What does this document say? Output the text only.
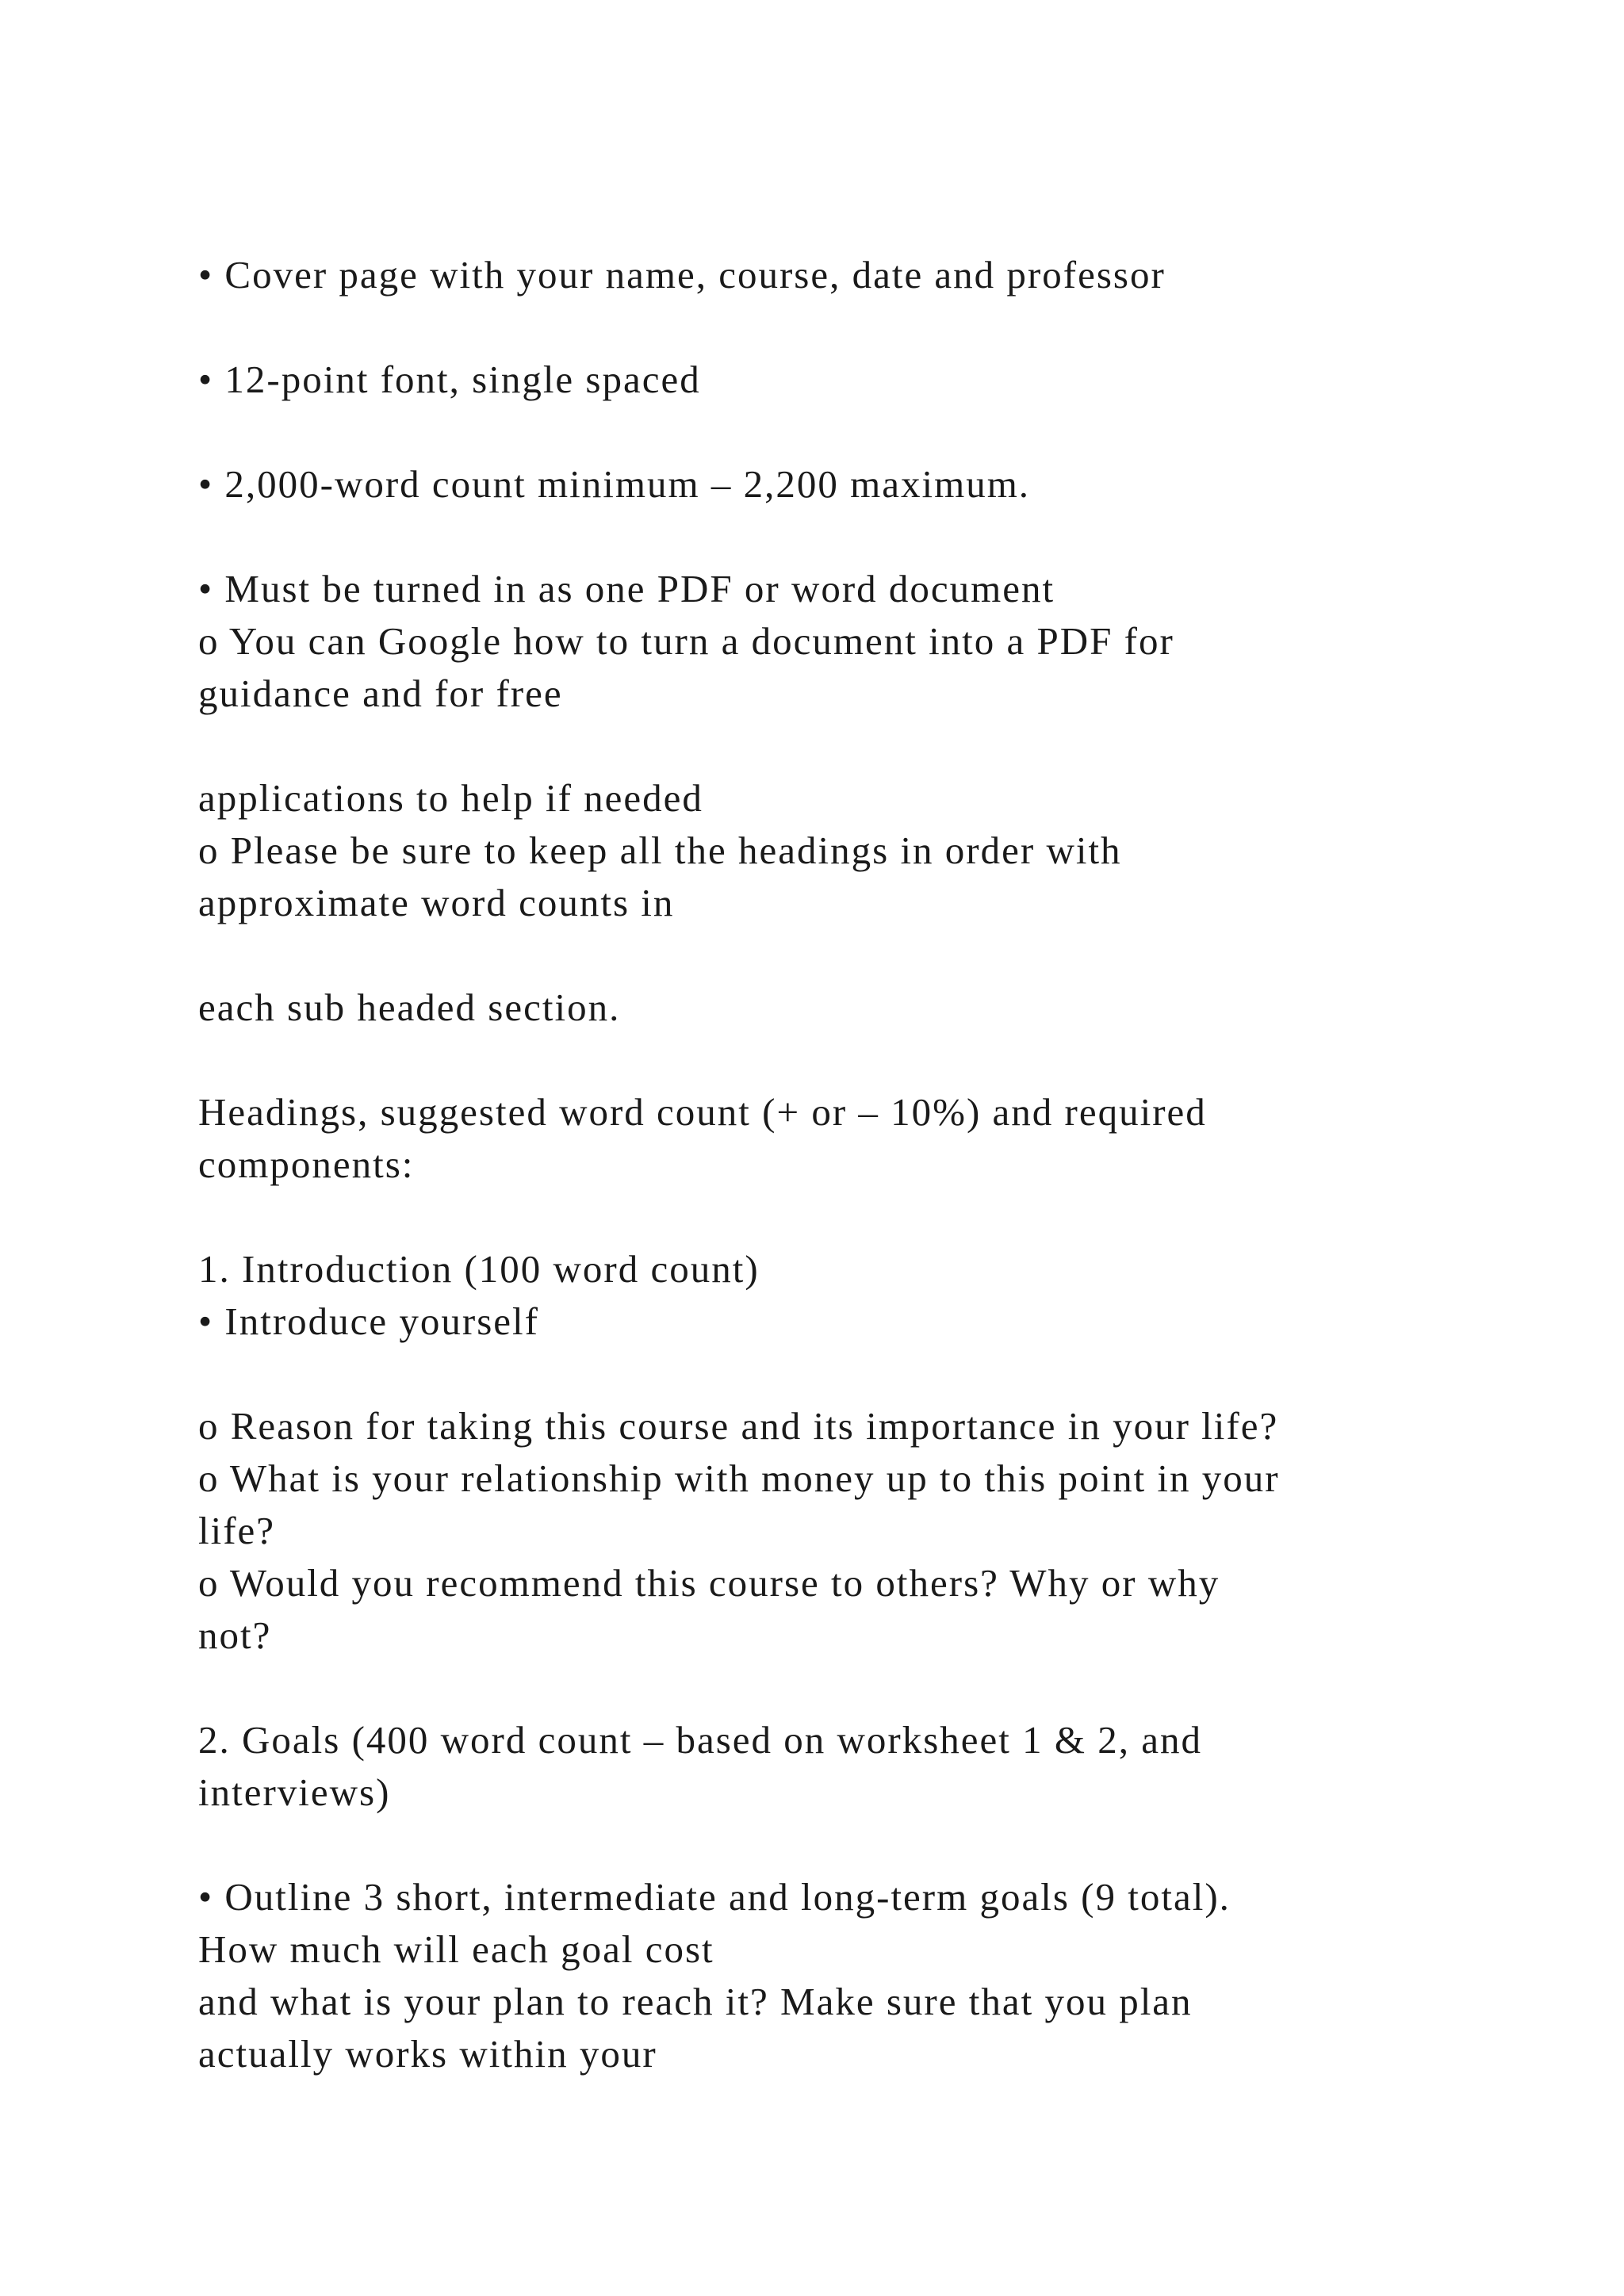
• Cover page with your name, course, date and professor
• 12-point font, single spaced
• 2,000-word count minimum – 2,200 maximum.
• Must be turned in as one PDF or word document
o You can Google how to turn a document into a PDF for
guidance and for free
applications to help if needed
o Please be sure to keep all the headings in order with
approximate word counts in
each sub headed section.
Headings, suggested word count (+ or – 10%) and required
components:
1. Introduction (100 word count)
• Introduce yourself
o Reason for taking this course and its importance in your life?
o What is your relationship with money up to this point in your
life?
o Would you recommend this course to others? Why or why
not?
2. Goals (400 word count – based on worksheet 1 & 2, and
interviews)
• Outline 3 short, intermediate and long-term goals (9 total).
How much will each goal cost
and what is your plan to reach it? Make sure that you plan
actually works within your
